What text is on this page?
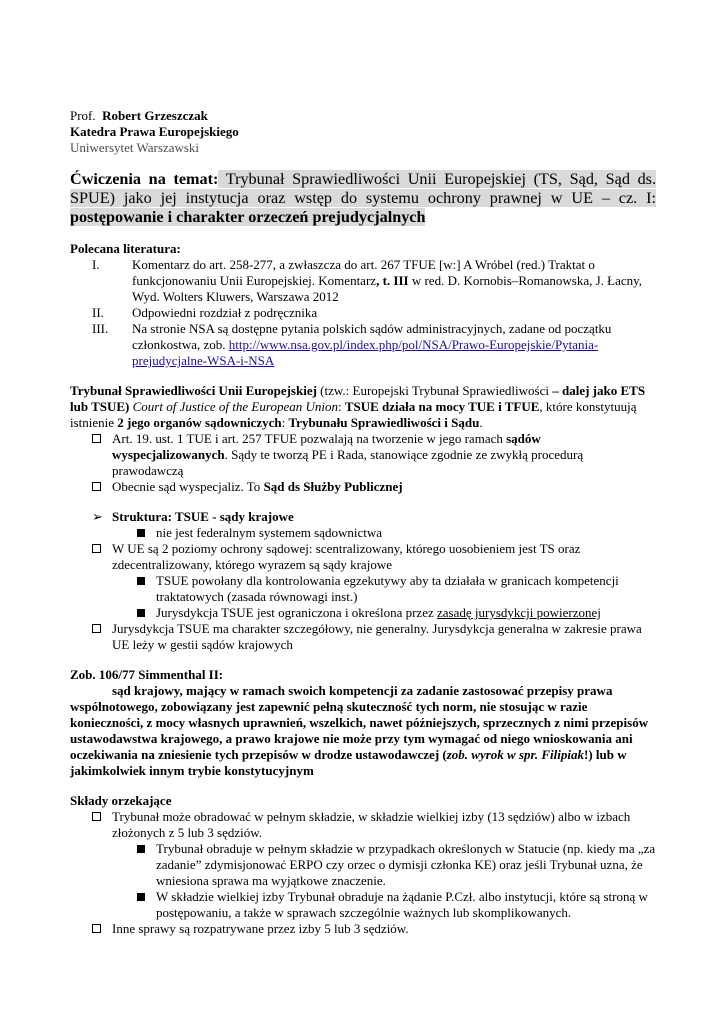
Prof. Robert Grzeszczak
Katedra Prawa Europejskiego
Uniwersytet Warszawski

Ćwiczenia na temat: Trybunał Sprawiedliwości Unii Europejskiej (TS, Sąd, Sąd ds. SPUE) jako jej instytucja oraz wstęp do systemu ochrony prawnej w UE – cz. I: postępowanie i charakter orzeczeń prejudycjalnych

Polecana literatura:

I. Komentarz do art. 258-277, a zwłaszcza do art. 267 TFUE [w:] A Wróbel (red.) Traktat o funkcjonowaniu Unii Europejskiej. Komentarz, t. III w red. D. Kornobis–Romanowska, J. Łacny, Wyd. Wolters Kluwers, Warszawa 2012
II. Odpowiedni rozdział z podręcznika
III. Na stronie NSA są dostępne pytania polskich sądów administracyjnych, zadane od początku członkostwa, zob. http://www.nsa.gov.pl/index.php/pol/NSA/Prawo-Europejskie/Pytania-prejudycjalne-WSA-i-NSA

Trybunał Sprawiedliwości Unii Europejskiej (tzw.: Europejski Trybunał Sprawiedliwości – dalej jako ETS lub TSUE) Court of Justice of the European Union: TSUE działa na mocy TUE i TFUE, które konstytuują istnienie 2 jego organów sądowniczych: Trybunału Sprawiedliwości i Sądu.

Art. 19. ust. 1 TUE i art. 257 TFUE pozwalają na tworzenie w jego ramach sądów wyspecjalizowanych. Sądy te tworzą PE i Rada, stanowiące zgodnie ze zwykłą procedurą prawodawczą
Obecnie sąd wyspecjaliz. To Sąd ds Służby Publicznej
➢ Struktura: TSUE - sądy krajowe
nie jest federalnym systemem sądownictwa
W UE są 2 poziomy ochrony sądowej: scentralizowany, którego uosobieniem jest TS oraz zdecentralizowany, którego wyrazem są sądy krajowe
TSUE powołany dla kontrolowania egzekutywy aby ta działała w granicach kompetencji traktatowych (zasada równowagi inst.)
Jurysdykcja TSUE jest ograniczona i określona przez zasadę jurysdykcji powierzonej
Jurysdykcja TSUE ma charakter szczegółowy, nie generalny. Jurysdykcja generalna w zakresie prawa UE leży w gestii sądów krajowych

Zob. 106/77 Simmenthal II:

sąd krajowy, mający w ramach swoich kompetencji za zadanie zastosować przepisy prawa wspólnotowego, zobowiązany jest zapewnić pełną skuteczność tych norm, nie stosując w razie konieczności, z mocy własnych uprawnień, wszelkich, nawet późniejszych, sprzecznych z nimi przepisów ustawodawstwa krajowego, a prawo krajowe nie może przy tym wymagać od niego wnioskowania ani oczekiwania na zniesienie tych przepisów w drodze ustawodawczej (zob. wyrok w spr. Filipiak!) lub w jakimkolwiek innym trybie konstytucyjnym

Składy orzekające

Trybunał może obradować w pełnym składzie, w składzie wielkiej izby (13 sędziów) albo w izbach złożonych z 5 lub 3 sędziów.
Trybunał obraduje w pełnym składzie w przypadkach określonych w Statucie (np. kiedy ma „za zadanie” zdymisjonować ERPO czy orzec o dymisji członka KE) oraz jeśli Trybunał uzna, że wniesiona sprawa ma wyjątkowe znaczenie.
W składzie wielkiej izby Trybunał obraduje na żądanie P.Czł. albo instytucji, które są stroną w postępowaniu, a także w sprawach szczególnie ważnych lub skomplikowanych.
Inne sprawy są rozpatrywane przez izby 5 lub 3 sędziów.
